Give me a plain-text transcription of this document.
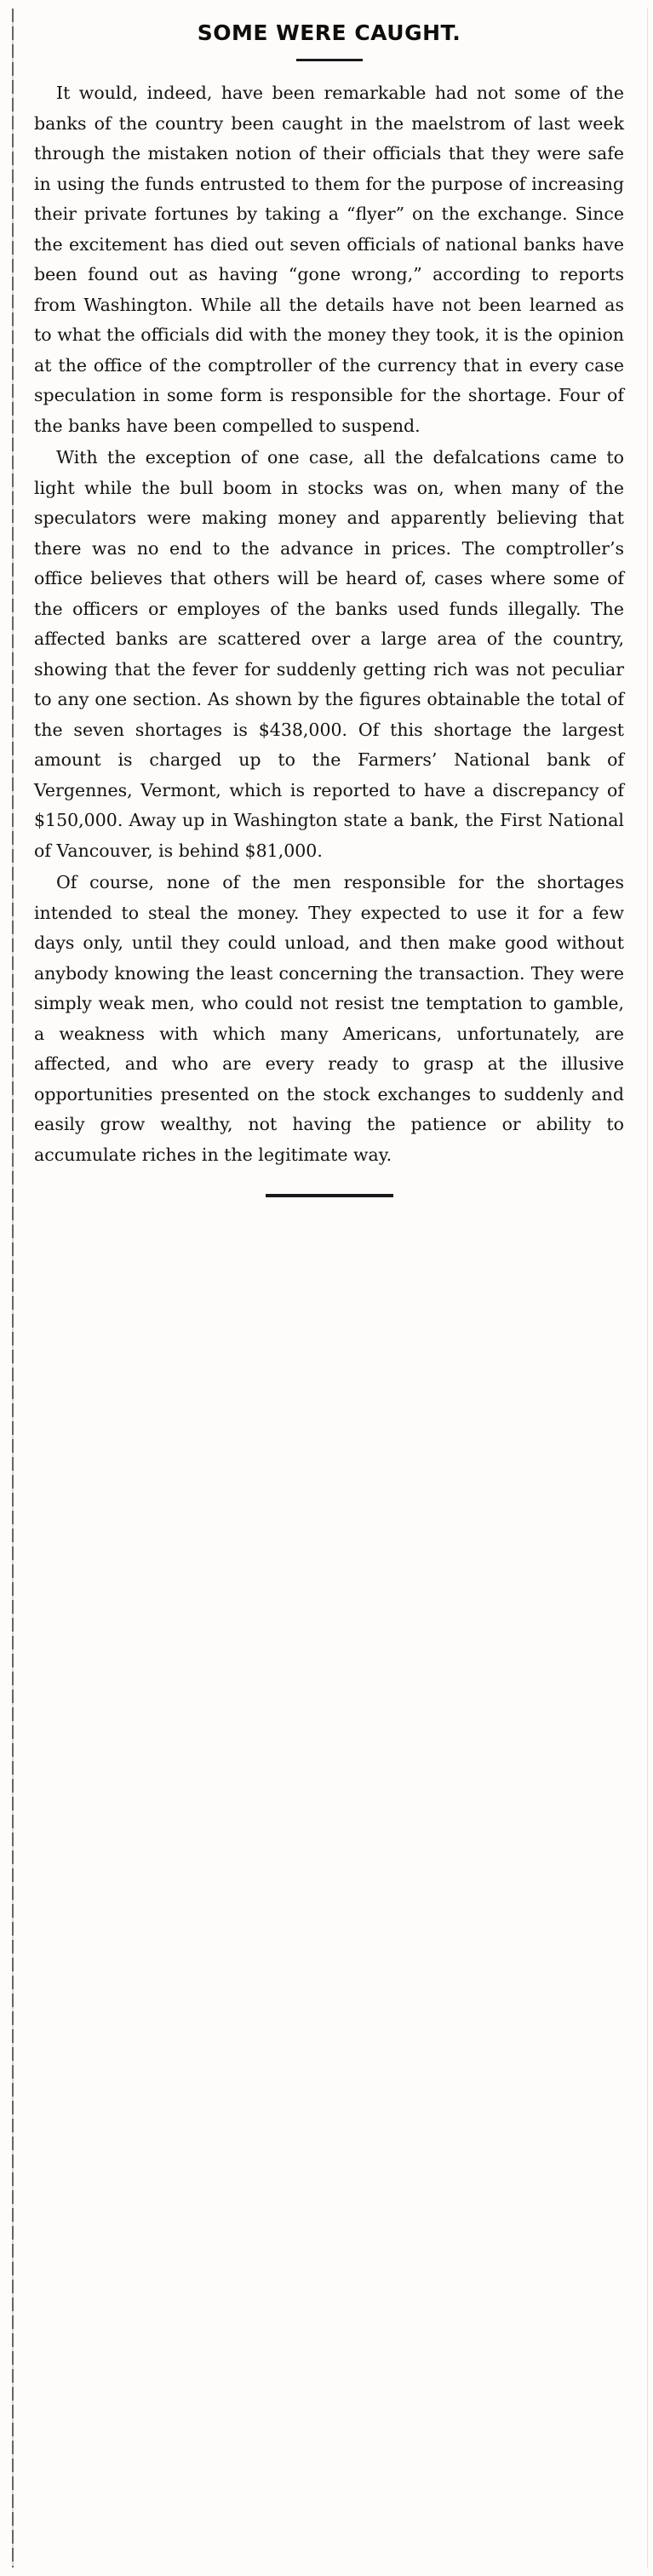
SOME WERE CAUGHT.

It would, indeed, have been remarkable had not some of the banks of the country been caught in the maelstrom of last week through the mistaken notion of their officials that they were safe in using the funds entrusted to them for the purpose of increasing their private fortunes by taking a “flyer” on the exchange. Since the excitement has died out seven officials of national banks have been found out as having “gone wrong,” according to reports from Washington. While all the details have not been learned as to what the officials did with the money they took, it is the opinion at the office of the comptroller of the currency that in every case speculation in some form is responsible for the shortage. Four of the banks have been compelled to suspend.

With the exception of one case, all the defalcations came to light while the bull boom in stocks was on, when many of the speculators were making money and apparently believing that there was no end to the advance in prices. The comptroller’s office believes that others will be heard of, cases where some of the officers or employes of the banks used funds illegally. The affected banks are scattered over a large area of the country, showing that the fever for suddenly getting rich was not peculiar to any one section. As shown by the figures obtainable the total of the seven shortages is $438,000. Of this shortage the largest amount is charged up to the Farmers’ National bank of Vergennes, Vermont, which is reported to have a discrepancy of $150,000. Away up in Washington state a bank, the First National of Vancouver, is behind $81,000.

Of course, none of the men responsible for the shortages intended to steal the money. They expected to use it for a few days only, until they could unload, and then make good without anybody knowing the least concerning the transaction. They were simply weak men, who could not resist tne temptation to gamble, a weakness with which many Americans, unfortunately, are affected, and who are every ready to grasp at the illusive opportunities presented on the stock exchanges to suddenly and easily grow wealthy, not having the patience or ability to accumulate riches in the legitimate way.
